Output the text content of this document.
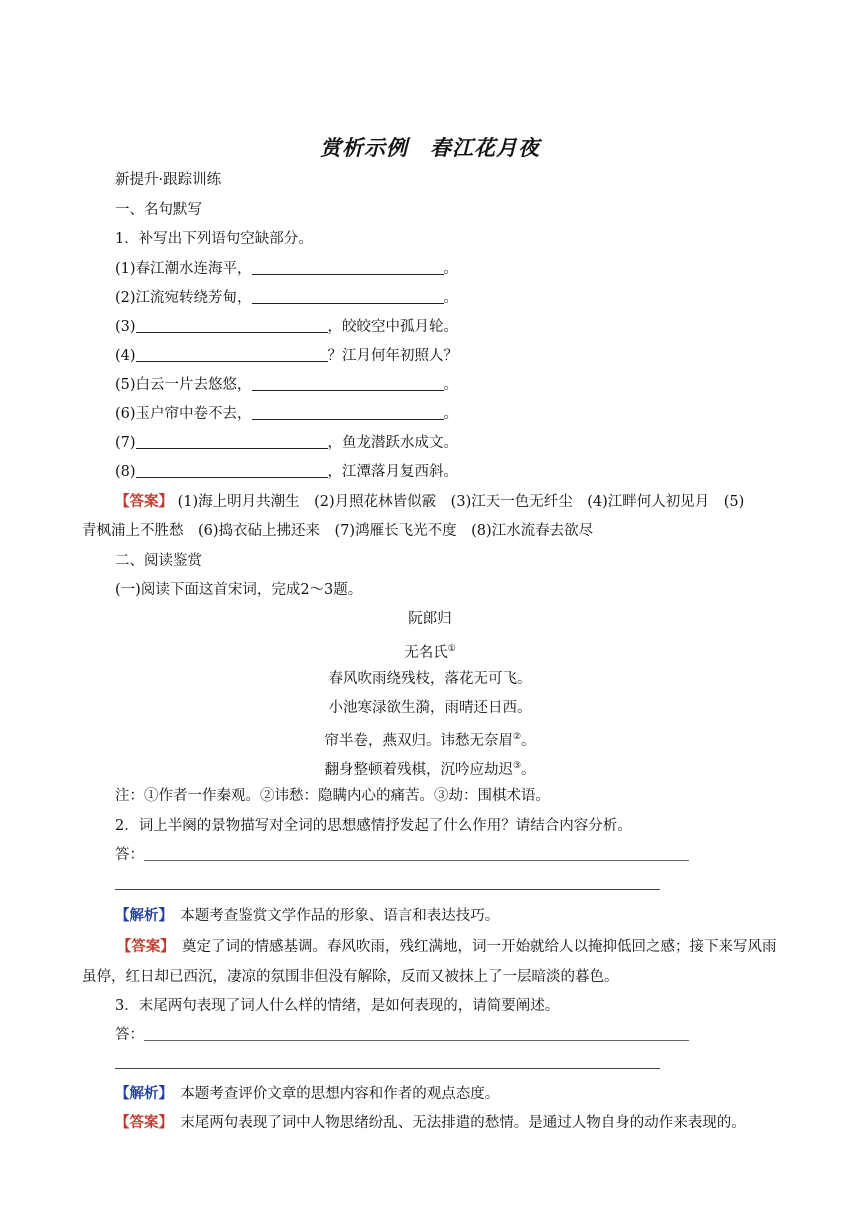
赏析示例　春江花月夜
新提升·跟踪训练
一、名句默写
1．补写出下列语句空缺部分。
(1)春江潮水连海平，	。
(2)江流宛转绕芳甸，	。
(3)	，皎皎空中孤月轮。
(4)	？江月何年初照人？
(5)白云一片去悠悠，	。
(6)玉户帘中卷不去，	。
(7)	，鱼龙潜跃水成文。
(8)	，江潭落月复西斜。
【答案】 (1)海上明月共潮生　(2)月照花林皆似霰　(3)江天一色无纤尘　(4)江畔何人初见月　(5)
青枫浦上不胜愁　(6)捣衣砧上拂还来　(7)鸿雁长飞光不度　(8)江水流春去欲尽
二、阅读鉴赏
(一)阅读下面这首宋词，完成2～3题。
阮郎归
无名氏①
春风吹雨绕残枝，落花无可飞。
小池寒渌欲生漪，雨晴还日西。
帘半卷，燕双归。讳愁无奈眉②。
翻身整顿着残棋，沉吟应劫迟③。
注：①作者一作秦观。②讳愁：隐瞒内心的痛苦。③劫：围棋术语。
2．词上半阕的景物描写对全词的思想感情抒发起了什么作用？请结合内容分析。
答：
【解析】　 本题考查鉴赏文学作品的形象、语言和表达技巧。
【答案】　 奠定了词的情感基调。春风吹雨，残红满地，词一开始就给人以掩抑低回之感；接下来写风雨虽停，红日却已西沉，凄凉的氛围非但没有解除，反而又被抹上了一层暗淡的暮色。
3．末尾两句表现了词人什么样的情绪，是如何表现的，请简要阐述。
答：
【解析】　 本题考查评价文章的思想内容和作者的观点态度。
【答案】　 末尾两句表现了词中人物思绪纷乱、无法排遣的愁情。是通过人物自身的动作来表现的。
